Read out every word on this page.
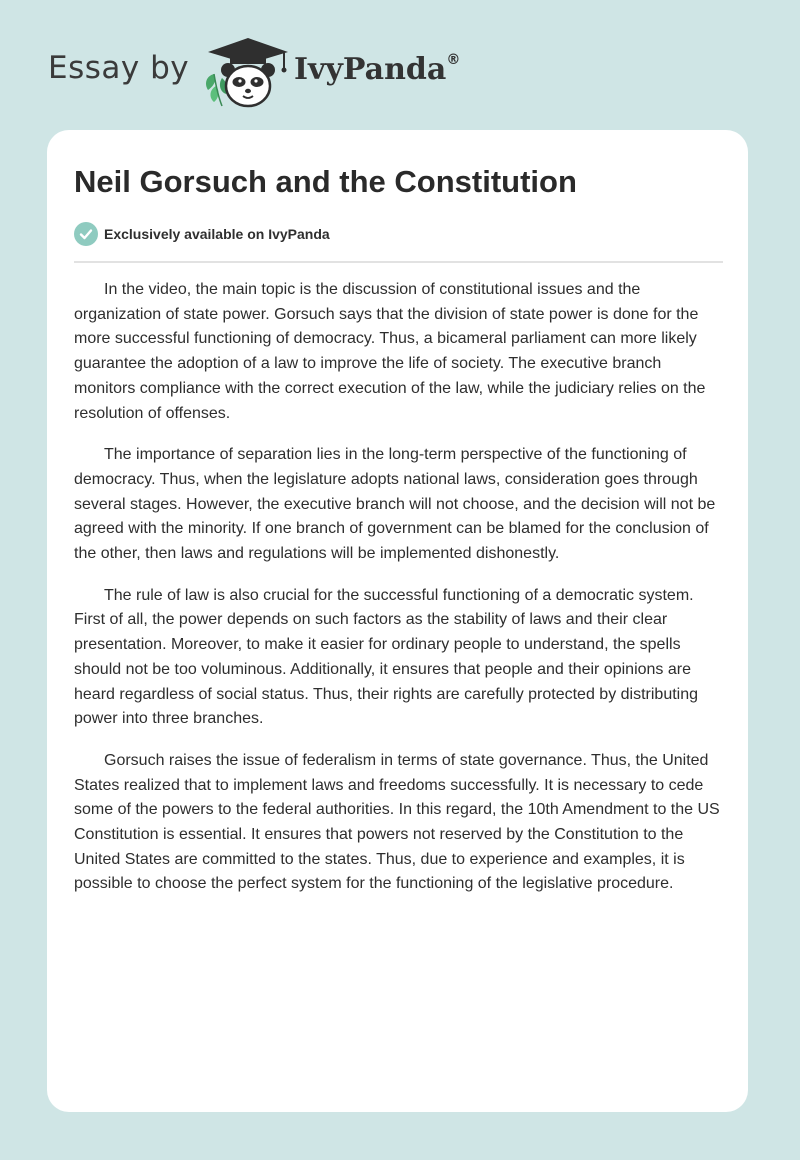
Essay by	IvyPanda®
Neil Gorsuch and the Constitution
Exclusively available on IvyPanda

In the video, the main topic is the discussion of constitutional issues and the organization of state power. Gorsuch says that the division of state power is done for the more successful functioning of democracy. Thus, a bicameral parliament can more likely guarantee the adoption of a law to improve the life of society. The executive branch monitors compliance with the correct execution of the law, while the judiciary relies on the resolution of offenses.

The importance of separation lies in the long-term perspective of the functioning of democracy. Thus, when the legislature adopts national laws, consideration goes through several stages. However, the executive branch will not choose, and the decision will not be agreed with the minority. If one branch of government can be blamed for the conclusion of the other, then laws and regulations will be implemented dishonestly.

The rule of law is also crucial for the successful functioning of a democratic system. First of all, the power depends on such factors as the stability of laws and their clear presentation. Moreover, to make it easier for ordinary people to understand, the spells should not be too voluminous. Additionally, it ensures that people and their opinions are heard regardless of social status. Thus, their rights are carefully protected by distributing power into three branches.

Gorsuch raises the issue of federalism in terms of state governance. Thus, the United States realized that to implement laws and freedoms successfully. It is necessary to cede some of the powers to the federal authorities. In this regard, the 10th Amendment to the US Constitution is essential. It ensures that powers not reserved by the Constitution to the United States are committed to the states. Thus, due to experience and examples, it is possible to choose the perfect system for the functioning of the legislative procedure.
